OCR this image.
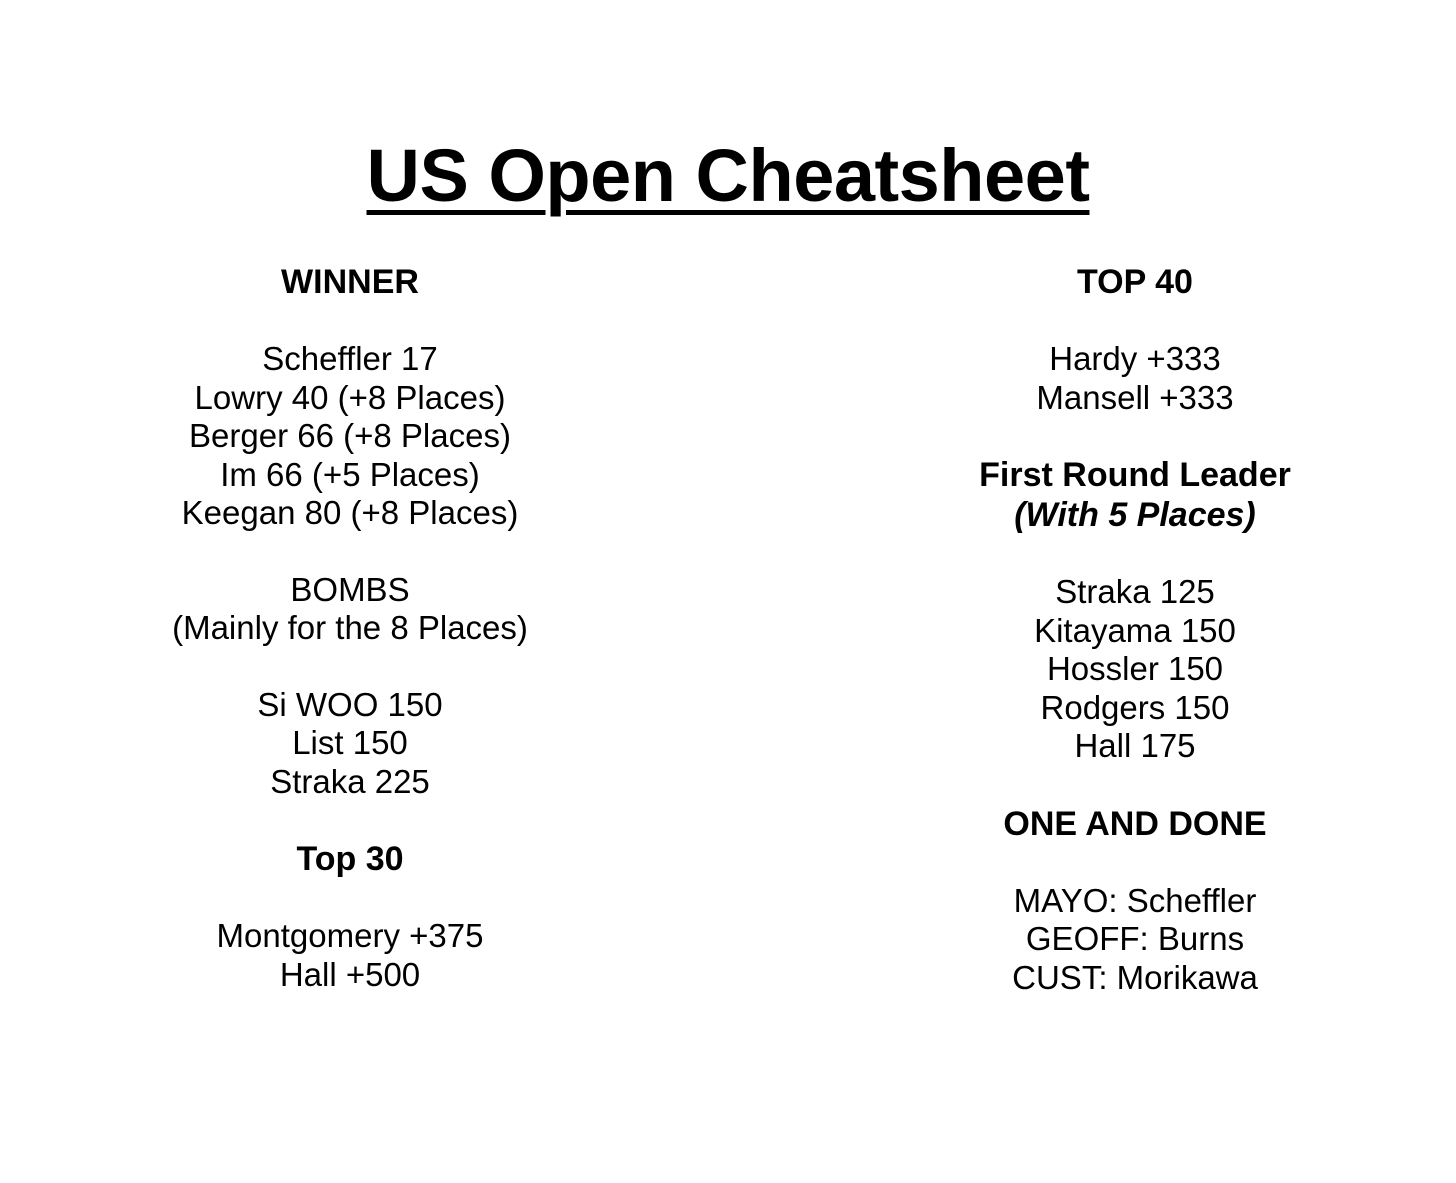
US Open Cheatsheet
WINNER
Scheffler 17
Lowry 40 (+8 Places)
Berger 66 (+8 Places)
Im 66 (+5 Places)
Keegan 80 (+8 Places)
BOMBS
(Mainly for the 8 Places)
Si WOO 150
List 150
Straka 225
Top 30
Montgomery +375
Hall +500
TOP 40
Hardy +333
Mansell +333
First Round Leader
(With 5 Places)
Straka 125
Kitayama 150
Hossler 150
Rodgers 150
Hall 175
ONE AND DONE
MAYO: Scheffler
GEOFF: Burns
CUST: Morikawa
